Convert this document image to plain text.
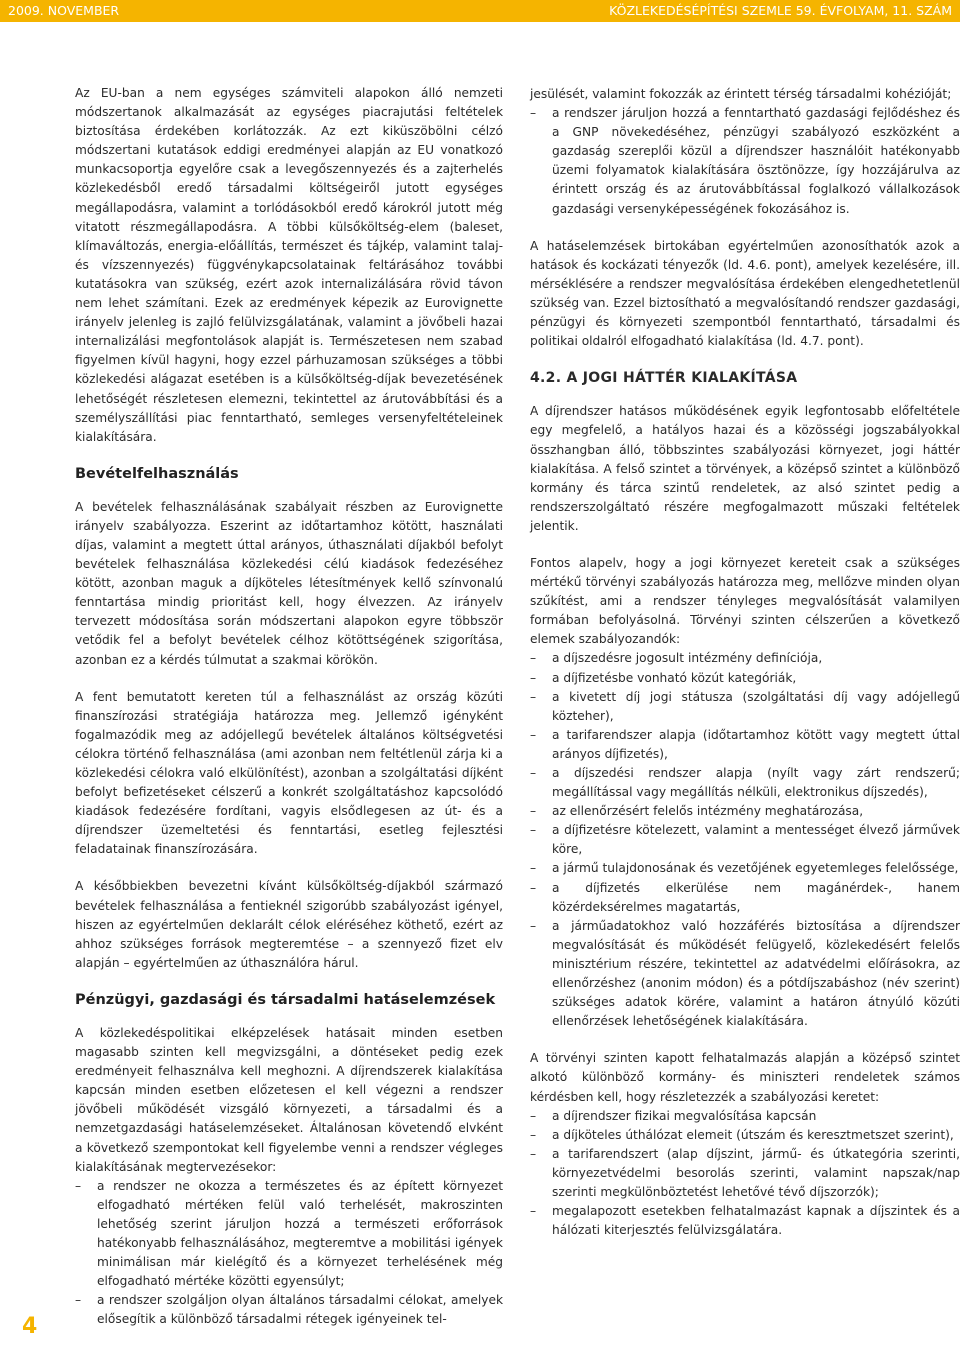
2009. NOVEMBER	KÖZLEKEDÉSÉPÍTÉSI SZEMLE 59. ÉVFOLYAM, 11. SZÁM

Az EU-ban a nem egységes számviteli alapokon álló nemzeti módszertanok alkalmazását az egységes piacrajutási feltételek biztosítása érdekében korlátozzák. Az ezt kiküszöbölni célzó módszertani kutatások eddigi eredményei alapján az EU vonatkozó munkacsoportja egyelőre csak a levegőszennyezés és a zajterhelés közlekedésből eredő társadalmi költségeiről jutott egységes megállapodásra, valamint a torlódásokból eredő károkról jutott még vitatott részmegállapodásra. A többi külsőköltség-elem (baleset, klímaváltozás, energia-előállítás, természet és tájkép, valamint talaj- és vízszennyezés) függvénykapcsolatainak feltárásához további kutatásokra van szükség, ezért azok internalizálására rövid távon nem lehet számítani. Ezek az eredmények képezik az Eurovignette irányelv jelenleg is zajló felülvizsgálatának, valamint a jövőbeli hazai internalizálási megfontolások alapját is. Természetesen nem szabad figyelmen kívül hagyni, hogy ezzel párhuzamosan szükséges a többi közlekedési alágazat esetében is a külsőköltség-díjak bevezetésének lehetőségét részletesen elemezni, tekintettel az árutovábbítási és a személyszállítási piac fenntartható, semleges versenyfeltételeinek kialakítására.

Bevételfelhasználás

A bevételek felhasználásának szabályait részben az Eurovignette irányelv szabályozza. Eszerint az időtartamhoz kötött, használati díjas, valamint a megtett úttal arányos, úthasználati díjakból befolyt bevételek felhasználása közlekedési célú kiadások fedezéséhez kötött, azonban maguk a díjköteles létesítmények kellő színvonalú fenntartása mindig prioritást kell, hogy élvezzen. Az irányelv tervezett módosítása során módszertani alapokon egyre többször vetődik fel a befolyt bevételek célhoz kötöttségének szigorítása, azonban ez a kérdés túlmutat a szakmai körökön.

A fent bemutatott kereten túl a felhasználást az ország közúti finanszírozási stratégiája határozza meg. Jellemző igényként fogalmazódik meg az adójellegű bevételek általános költségvetési célokra történő felhasználása (ami azonban nem feltétlenül zárja ki a közlekedési célokra való elkülönítést), azonban a szolgáltatási díjként befolyt befizetéseket célszerű a konkrét szolgáltatáshoz kapcsolódó kiadások fedezésére fordítani, vagyis elsődlegesen az út- és a díjrendszer üzemeltetési és fenntartási, esetleg fejlesztési feladatainak finanszírozására.

A későbbiekben bevezetni kívánt külsőköltség-díjakból származó bevételek felhasználása a fentieknél szigorúbb szabályozást igényel, hiszen az egyértelműen deklarált célok eléréséhez köthető, ezért az ahhoz szükséges források megteremtése – a szennyező fizet elv alapján – egyértelműen az úthasználóra hárul.

Pénzügyi, gazdasági és társadalmi hatáselemzések

A közlekedéspolitikai elképzelések hatásait minden esetben magasabb szinten kell megvizsgálni, a döntéseket pedig ezek eredményeit felhasználva kell meghozni. A díjrendszerek kialakítása kapcsán minden esetben előzetesen el kell végezni a rendszer jövőbeli működését vizsgáló környezeti, a társadalmi és a nemzetgazdasági hatáselemzéseket. Általánosan követendő elvként a következő szempontokat kell figyelembe venni a rendszer végleges kialakításának megtervezésekor:

– a rendszer ne okozza a természetes és az épített környezet elfogadható mértéken felül való terhelését, makroszinten lehetőség szerint járuljon hozzá a természeti erőforrások hatékonyabb felhasználásához, megteremtve a mobilitási igények minimálisan már kielégítő és a környezet terhelésének még elfogadható mértéke közötti egyensúlyt;
– a rendszer szolgáljon olyan általános társadalmi célokat, amelyek elősegítik a különböző társadalmi rétegek igényeinek tel-
jesülését, valamint fokozzák az érintett térség társadalmi kohézióját;
– a rendszer járuljon hozzá a fenntartható gazdasági fejlődéshez és a GNP növekedéséhez, pénzügyi szabályozó eszközként a gazdaság szereplői közül a díjrendszer használóit hatékonyabb üzemi folyamatok kialakítására ösztönözze, így hozzájárulva az érintett ország és az árutovábbítással foglalkozó vállalkozások gazdasági versenyképességének fokozásához is.

A hatáselemzések birtokában egyértelműen azonosíthatók azok a hatások és kockázati tényezők (ld. 4.6. pont), amelyek kezelésére, ill. mérséklésére a rendszer megvalósítása érdekében elengedhetetlenül szükség van. Ezzel biztosítható a megvalósítandó rendszer gazdasági, pénzügyi és környezeti szempontból fenntartható, társadalmi és politikai oldalról elfogadható kialakítása (ld. 4.7. pont).

4.2. A JOGI HÁTTÉR KIALAKÍTÁSA

A díjrendszer hatásos működésének egyik legfontosabb előfeltétele egy megfelelő, a hatályos hazai és a közösségi jogszabályokkal összhangban álló, többszintes szabályozási környezet, jogi háttér kialakítása. A felső szintet a törvények, a középső szintet a különböző kormány és tárca szintű rendeletek, az alsó szintet pedig a rendszerszolgáltató részére megfogalmazott műszaki feltételek jelentik.

Fontos alapelv, hogy a jogi környezet kereteit csak a szükséges mértékű törvényi szabályozás határozza meg, mellőzve minden olyan szűkítést, ami a rendszer tényleges megvalósítását valamilyen formában befolyásolná. Törvényi szinten célszerűen a következő elemek szabályozandók:

– a díjszedésre jogosult intézmény definíciója,
– a díjfizetésbe vonható közút kategóriák,
– a kivetett díj jogi státusza (szolgáltatási díj vagy adójellegű közteher),
– a tarifarendszer alapja (időtartamhoz kötött vagy megtett úttal arányos díjfizetés),
– a díjszedési rendszer alapja (nyílt vagy zárt rendszerű; megállítással vagy megállítás nélküli, elektronikus díjszedés),
– az ellenőrzésért felelős intézmény meghatározása,
– a díjfizetésre kötelezett, valamint a mentességet élvező járművek köre,
– a jármű tulajdonosának és vezetőjének egyetemleges felelőssége,
– a díjfizetés elkerülése nem magánérdek-, hanem közérdeksérelmes magatartás,
– a járműadatokhoz való hozzáférés biztosítása a díjrendszer megvalósítását és működését felügyelő, közlekedésért felelős minisztérium részére, tekintettel az adatvédelmi előírásokra, az ellenőrzéshez (anonim módon) és a pótdíjszabáshoz (név szerint) szükséges adatok körére, valamint a határon átnyúló közúti ellenőrzések lehetőségének kialakítására.

A törvényi szinten kapott felhatalmazás alapján a középső szintet alkotó különböző kormány- és miniszteri rendeletek számos kérdésben kell, hogy részletezzék a szabályozási keretet:

– a díjrendszer fizikai megvalósítása kapcsán
– a díjköteles úthálózat elemeit (útszám és keresztmetszet szerint),
– a tarifarendszert (alap díjszint, jármű- és útkategória szerinti, környezetvédelmi besorolás szerinti, valamint napszak/nap szerinti megkülönböztetést lehetővé tévő díjszorzók);
– megalapozott esetekben felhatalmazást kapnak a díjszintek és a hálózati kiterjesztés felülvizsgálatára.
4
